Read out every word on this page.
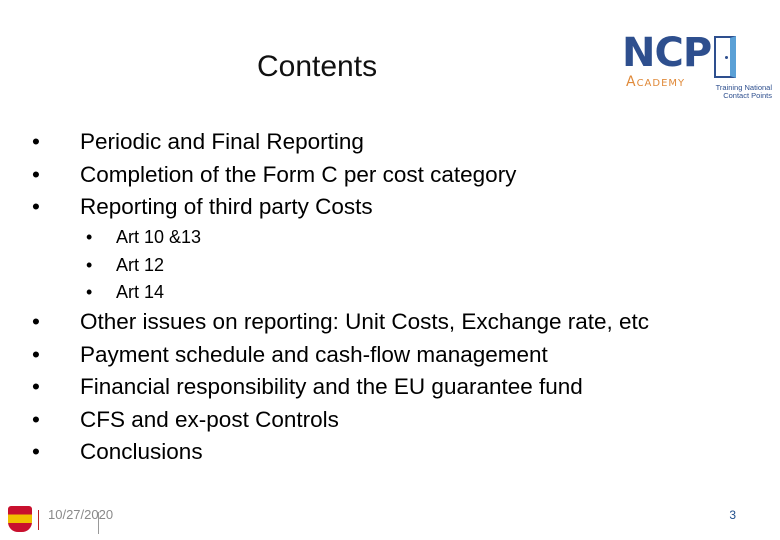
Contents	NCP
Academy	Training National Contact Points
• Periodic and Final Reporting
• Completion of the Form C per cost category
• Reporting of third party Costs
• Art 10 &13
• Art 12
• Art 14
• Other issues on reporting: Unit Costs, Exchange rate, etc
• Payment schedule and cash-flow management
• Financial responsibility and the EU guarantee fund
• CFS and ex-post Controls
• Conclusions
10/27/2020	3
